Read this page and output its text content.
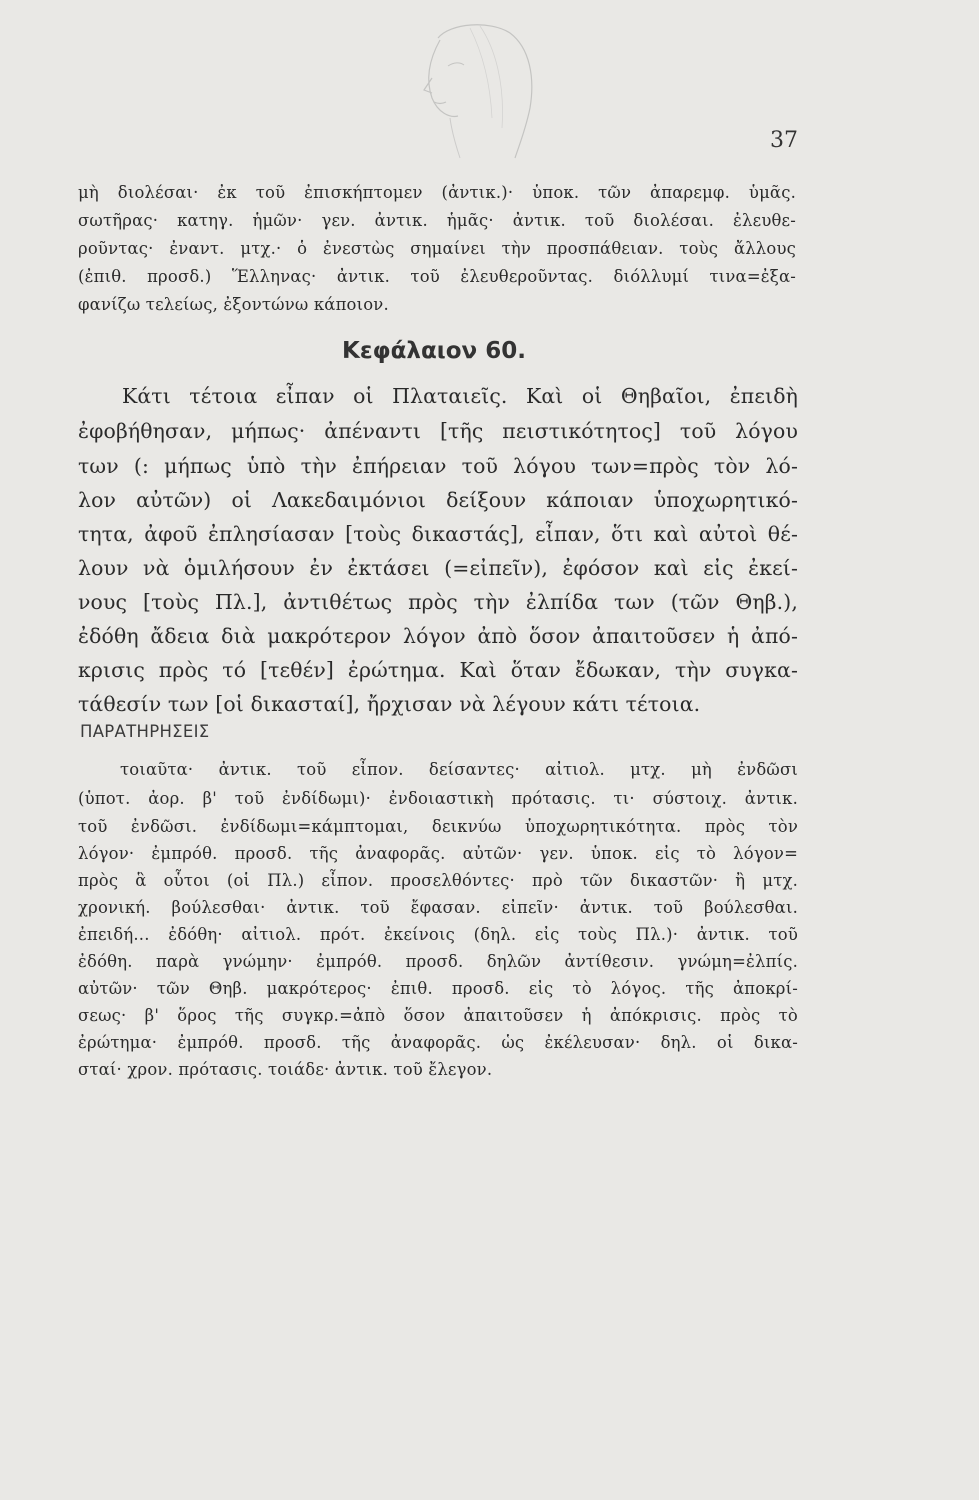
37
μὴ διολέσαι· ἐκ τοῦ ἐπισκήπτομεν (ἀντικ.)· ὑποκ. τῶν ἀπαρεμφ. ὑμᾶς.
σωτῆρας· κατηγ. ἡμῶν· γεν. ἀντικ. ἡμᾶς· ἀντικ. τοῦ διολέσαι. ἐλευθε-
ροῦντας· ἐναντ. μτχ.· ὁ ἐνεστὼς σημαίνει τὴν προσπάθειαν. τοὺς ἄλλους
(ἐπιθ. προσδ.) Ἕλληνας· ἀντικ. τοῦ ἐλευθεροῦντας. διόλλυμί τινα=ἐξα-
φανίζω τελείως, ἐξοντώνω κάποιον.
Κεφάλαιον 60.
Κάτι τέτοια εἶπαν οἱ Πλαταιεῖς. Καὶ οἱ Θηβαῖοι, ἐπειδὴ
ἐφοβήθησαν, μήπως· ἀπέναντι [τῆς πειστικότητος] τοῦ λόγου
των (: μήπως ὑπὸ τὴν ἐπήρειαν τοῦ λόγου των=πρὸς τὸν λό-
λον αὐτῶν) οἱ Λακεδαιμόνιοι δείξουν κάποιαν ὑποχωρητικό-
τητα, ἀφοῦ ἐπλησίασαν [τοὺς δικαστάς], εἶπαν, ὅτι καὶ αὐτοὶ θέ-
λουν νὰ ὁμιλήσουν ἐν ἐκτάσει (=εἰπεῖν), ἐφόσον καὶ εἰς ἐκεί-
νους [τοὺς Πλ.], ἀντιθέτως πρὸς τὴν ἐλπίδα των (τῶν Θηβ.),
ἐδόθη ἄδεια διὰ μακρότερον λόγον ἀπὸ ὅσον ἀπαιτοῦσεν ἡ ἀπό-
κρισις πρὸς τό [τεθέν] ἐρώτημα. Καὶ ὅταν ἔδωκαν, τὴν συγκα-
τάθεσίν των [οἱ δικασταί], ἤρχισαν νὰ λέγουν κάτι τέτοια.
ΠΑΡΑΤΗΡΗΣΕΙΣ
τοιαῦτα· ἀντικ. τοῦ εἶπον. δείσαντες· αἰτιολ. μτχ. μὴ ἐνδῶσι
(ὑποτ. ἀορ. β' τοῦ ἐνδίδωμι)· ἐνδοιαστικὴ πρότασις. τι· σύστοιχ. ἀντικ.
τοῦ ἐνδῶσι. ἐνδίδωμι=κάμπτομαι, δεικνύω ὑποχωρητικότητα. πρὸς τὸν
λόγον· ἐμπρόθ. προσδ. τῆς ἀναφορᾶς. αὐτῶν· γεν. ὑποκ. εἰς τὸ λόγον=
πρὸς ἃ οὗτοι (οἱ Πλ.) εἶπον. προσελθόντες· πρὸ τῶν δικαστῶν· ἢ μτχ.
χρονική. βούλεσθαι· ἀντικ. τοῦ ἔφασαν. εἰπεῖν· ἀντικ. τοῦ βούλεσθαι.
ἐπειδή... ἐδόθη· αἰτιολ. πρότ. ἐκείνοις (δηλ. εἰς τοὺς Πλ.)· ἀντικ. τοῦ
ἐδόθη. παρὰ γνώμην· ἐμπρόθ. προσδ. δηλῶν ἀντίθεσιν. γνώμη=ἐλπίς.
αὐτῶν· τῶν Θηβ. μακρότερος· ἐπιθ. προσδ. εἰς τὸ λόγος. τῆς ἀποκρί-
σεως· β' ὅρος τῆς συγκρ.=ἀπὸ ὅσον ἀπαιτοῦσεν ἡ ἀπόκρισις. πρὸς τὸ
ἐρώτημα· ἐμπρόθ. προσδ. τῆς ἀναφορᾶς. ὡς ἐκέλευσαν· δηλ. οἱ δικα-
σταί· χρον. πρότασις. τοιάδε· ἀντικ. τοῦ ἔλεγον.
